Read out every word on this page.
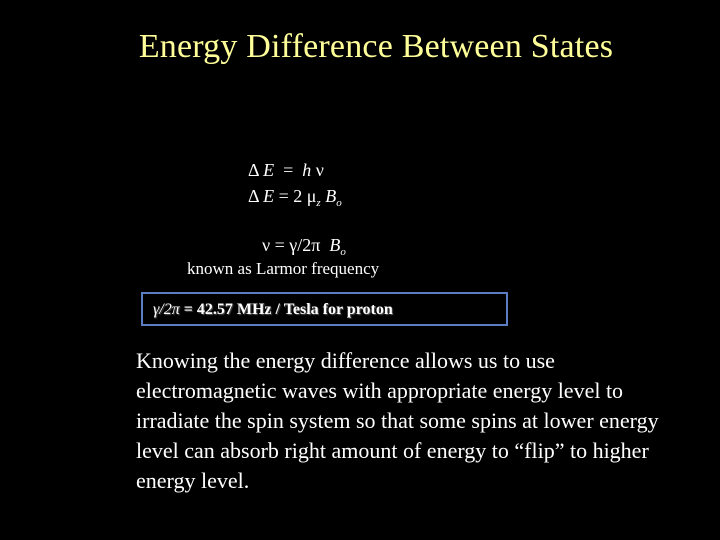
Energy Difference Between States
Δ E = h ν
Δ E = 2 $\mu_z$ $B_o$
ν = γ/2π $B_o$
known as Larmor frequency
γ/2π = 42.57 MHz / Tesla for proton
Knowing the energy difference allows us to use electromagnetic waves with appropriate energy level to irradiate the spin system so that some spins at lower energy level can absorb right amount of energy to “flip” to higher energy level.
